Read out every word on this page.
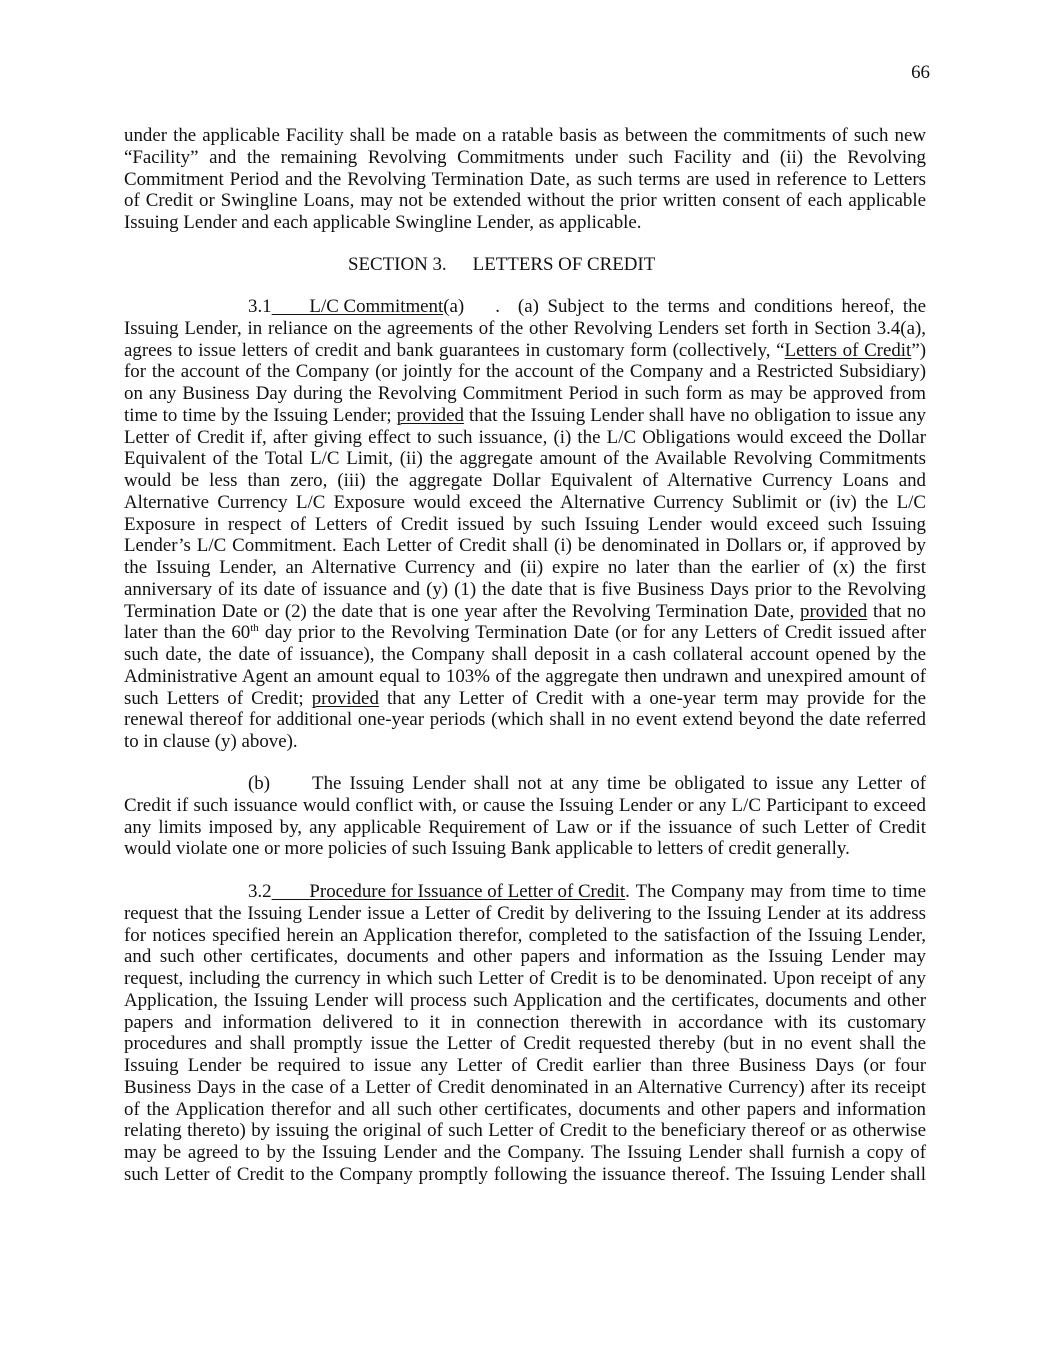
66
under the applicable Facility shall be made on a ratable basis as between the commitments of such new
“Facility” and the remaining Revolving Commitments under such Facility and (ii) the Revolving
Commitment Period and the Revolving Termination Date, as such terms are used in reference to Letters
of Credit or Swingline Loans, may not be extended without the prior written consent of each applicable
Issuing Lender and each applicable Swingline Lender, as applicable.
SECTION 3. LETTERS OF CREDIT
3.1 L/C Commitment(a) . (a) Subject to the terms and conditions hereof, the
Issuing Lender, in reliance on the agreements of the other Revolving Lenders set forth in Section 3.4(a),
agrees to issue letters of credit and bank guarantees in customary form (collectively, “Letters of Credit”)
for the account of the Company (or jointly for the account of the Company and a Restricted Subsidiary)
on any Business Day during the Revolving Commitment Period in such form as may be approved from
time to time by the Issuing Lender; provided that the Issuing Lender shall have no obligation to issue any
Letter of Credit if, after giving effect to such issuance, (i) the L/C Obligations would exceed the Dollar
Equivalent of the Total L/C Limit, (ii) the aggregate amount of the Available Revolving Commitments
would be less than zero, (iii) the aggregate Dollar Equivalent of Alternative Currency Loans and
Alternative Currency L/C Exposure would exceed the Alternative Currency Sublimit or (iv) the L/C
Exposure in respect of Letters of Credit issued by such Issuing Lender would exceed such Issuing
Lender’s L/C Commitment. Each Letter of Credit shall (i) be denominated in Dollars or, if approved by
the Issuing Lender, an Alternative Currency and (ii) expire no later than the earlier of (x) the first
anniversary of its date of issuance and (y) (1) the date that is five Business Days prior to the Revolving
Termination Date or (2) the date that is one year after the Revolving Termination Date, provided that no
later than the 60th day prior to the Revolving Termination Date (or for any Letters of Credit issued after
such date, the date of issuance), the Company shall deposit in a cash collateral account opened by the
Administrative Agent an amount equal to 103% of the aggregate then undrawn and unexpired amount of
such Letters of Credit; provided that any Letter of Credit with a one-year term may provide for the
renewal thereof for additional one-year periods (which shall in no event extend beyond the date referred
to in clause (y) above).
(b) The Issuing Lender shall not at any time be obligated to issue any Letter of
Credit if such issuance would conflict with, or cause the Issuing Lender or any L/C Participant to exceed
any limits imposed by, any applicable Requirement of Law or if the issuance of such Letter of Credit
would violate one or more policies of such Issuing Bank applicable to letters of credit generally.
3.2 Procedure for Issuance of Letter of Credit . The Company may from time to time
request that the Issuing Lender issue a Letter of Credit by delivering to the Issuing Lender at its address
for notices specified herein an Application therefor, completed to the satisfaction of the Issuing Lender,
and such other certificates, documents and other papers and information as the Issuing Lender may
request, including the currency in which such Letter of Credit is to be denominated. Upon receipt of any
Application, the Issuing Lender will process such Application and the certificates, documents and other
papers and information delivered to it in connection therewith in accordance with its customary
procedures and shall promptly issue the Letter of Credit requested thereby (but in no event shall the
Issuing Lender be required to issue any Letter of Credit earlier than three Business Days (or four
Business Days in the case of a Letter of Credit denominated in an Alternative Currency) after its receipt
of the Application therefor and all such other certificates, documents and other papers and information
relating thereto) by issuing the original of such Letter of Credit to the beneficiary thereof or as otherwise
may be agreed to by the Issuing Lender and the Company. The Issuing Lender shall furnish a copy of
such Letter of Credit to the Company promptly following the issuance thereof. The Issuing Lender shall
